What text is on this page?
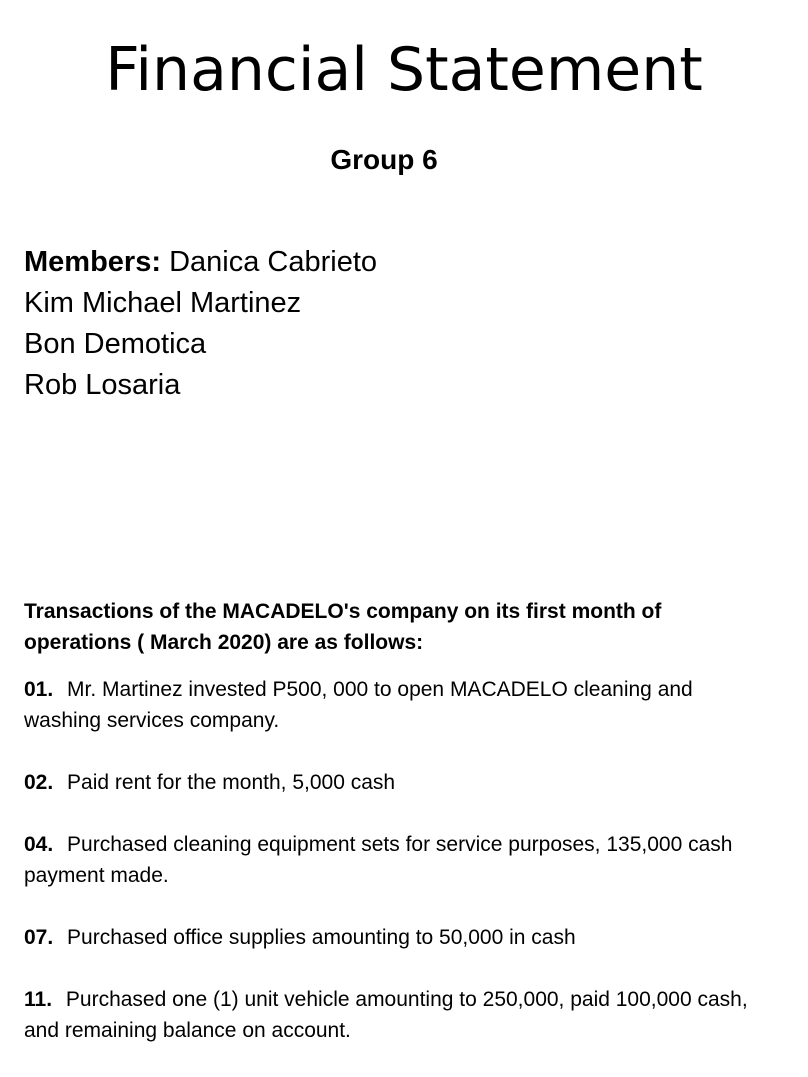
Financial Statement
Group 6
Members: Danica Cabrieto
Kim Michael Martinez
Bon Demotica
Rob Losaria

Transactions of the MACADELO's company on its first month of operations ( March 2020) are as follows:

01. Mr. Martinez invested P500, 000 to open MACADELO cleaning and washing services company.

02. Paid rent for the month, 5,000 cash

04. Purchased cleaning equipment sets for service purposes, 135,000 cash payment made.

07. Purchased office supplies amounting to 50,000 in cash

11. Purchased one (1) unit vehicle amounting to 250,000, paid 100,000 cash, and remaining balance on account.
